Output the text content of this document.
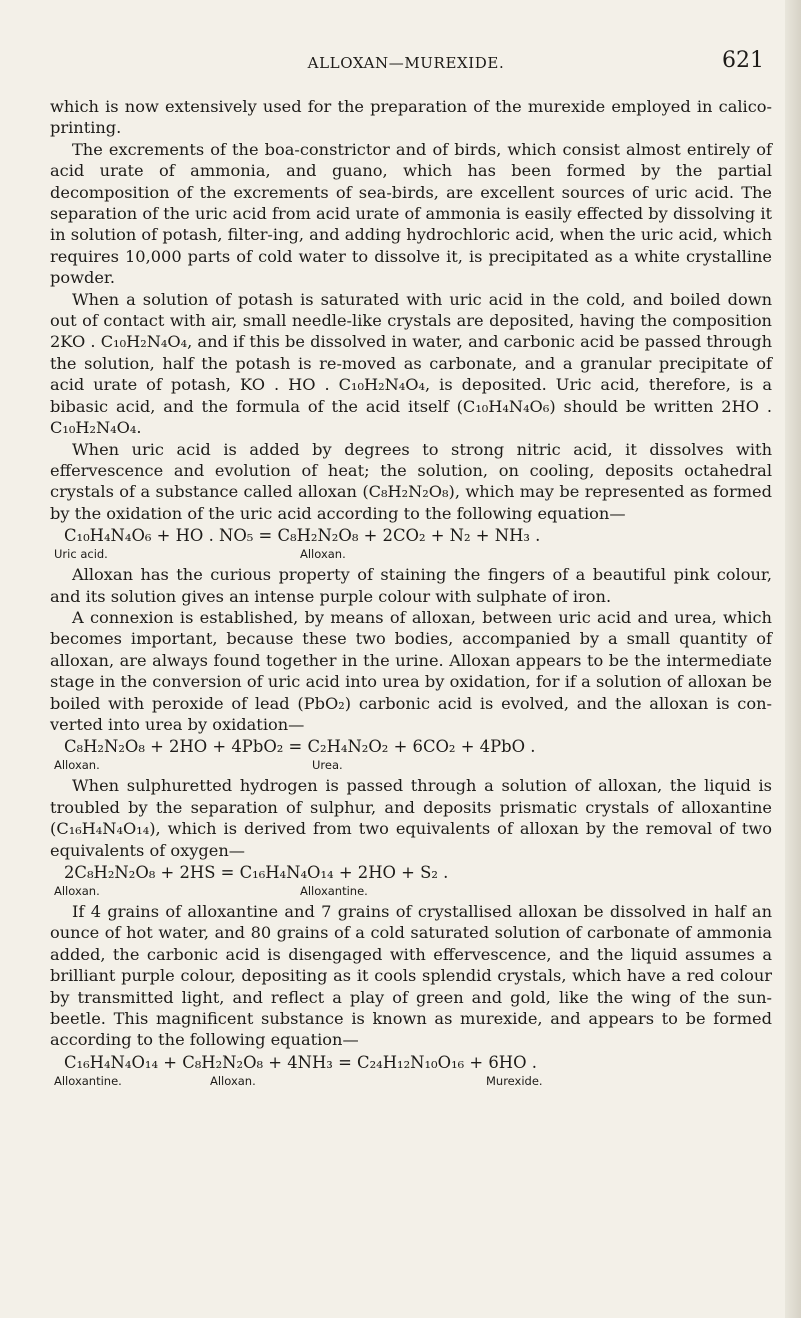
ALLOXAN—MUREXIDE.	621

which is now extensively used for the preparation of the murexide employed in calico-printing.

The excrements of the boa-constrictor and of birds, which consist almost entirely of acid urate of ammonia, and guano, which has been formed by the partial decomposition of the excrements of sea-birds, are excellent sources of uric acid. The separation of the uric acid from acid urate of ammonia is easily effected by dissolving it in solution of potash, filter-ing, and adding hydrochloric acid, when the uric acid, which requires 10,000 parts of cold water to dissolve it, is precipitated as a white crystalline powder.

When a solution of potash is saturated with uric acid in the cold, and boiled down out of contact with air, small needle-like crystals are deposited, having the composition 2KO . C₁₀H₂N₄O₄, and if this be dissolved in water, and carbonic acid be passed through the solution, half the potash is re-moved as carbonate, and a granular precipitate of acid urate of potash, KO . HO . C₁₀H₂N₄O₄, is deposited. Uric acid, therefore, is a bibasic acid, and the formula of the acid itself (C₁₀H₄N₄O₆) should be written 2HO . C₁₀H₂N₄O₄.

When uric acid is added by degrees to strong nitric acid, it dissolves with effervescence and evolution of heat; the solution, on cooling, deposits octahedral crystals of a substance called alloxan (C₈H₂N₂O₈), which may be represented as formed by the oxidation of the uric acid according to the following equation—

C₁₀H₄N₄O₆ + HO . NO₅ = C₈H₂N₂O₈ + 2CO₂ + N₂ + NH₃ .
Uric acid.	Alloxan.

Alloxan has the curious property of staining the fingers of a beautiful pink colour, and its solution gives an intense purple colour with sulphate of iron.

A connexion is established, by means of alloxan, between uric acid and urea, which becomes important, because these two bodies, accompanied by a small quantity of alloxan, are always found together in the urine. Alloxan appears to be the intermediate stage in the conversion of uric acid into urea by oxidation, for if a solution of alloxan be boiled with peroxide of lead (PbO₂) carbonic acid is evolved, and the alloxan is con-verted into urea by oxidation—

C₈H₂N₂O₈ + 2HO + 4PbO₂ = C₂H₄N₂O₂ + 6CO₂ + 4PbO .
Alloxan.	Urea.

When sulphuretted hydrogen is passed through a solution of alloxan, the liquid is troubled by the separation of sulphur, and deposits prismatic crystals of alloxantine (C₁₆H₄N₄O₁₄), which is derived from two equivalents of alloxan by the removal of two equivalents of oxygen—

2C₈H₂N₂O₈ + 2HS = C₁₆H₄N₄O₁₄ + 2HO + S₂ .
Alloxan.	Alloxantine.

If 4 grains of alloxantine and 7 grains of crystallised alloxan be dissolved in half an ounce of hot water, and 80 grains of a cold saturated solution of carbonate of ammonia added, the carbonic acid is disengaged with effervescence, and the liquid assumes a brilliant purple colour, depositing as it cools splendid crystals, which have a red colour by transmitted light, and reflect a play of green and gold, like the wing of the sun-beetle. This magnificent substance is known as murexide, and appears to be formed according to the following equation—

C₁₆H₄N₄O₁₄ + C₈H₂N₂O₈ + 4NH₃ = C₂₄H₁₂N₁₀O₁₆ + 6HO .
Alloxantine.	Alloxan.	Murexide.
